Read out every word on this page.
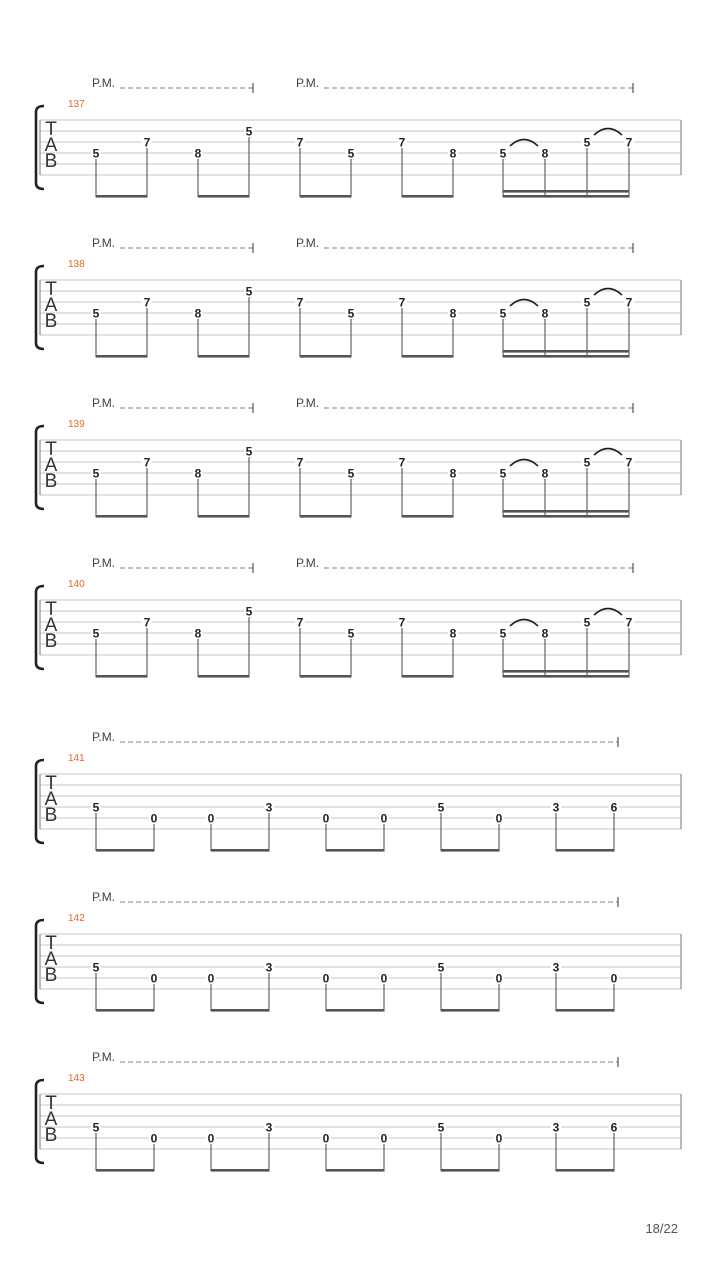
T
A
B
137
P.M.	P.M.
5
7
8
5
7
5
7
8	5	8
5	7
T
A
B
138
P.M.	P.M.
5
7
8
5
7
5
7
8	5	8
5	7
T
A
B
139
P.M.	P.M.
5
7
8
5
7
5
7
8	5	8
5	7
T
A
B
140
P.M.	P.M.
5
7
8
5
7
5
7
8	5	8
5	7
T
A
B
141
P.M.
5
0	0
3
0	0
5
0
3	6
T
A
B
142
P.M.
5
0	0
3
0	0
5
0
3
0
T
A
B
143
P.M.
5
0	0
3
0	0
5
0
3	6
18/22
